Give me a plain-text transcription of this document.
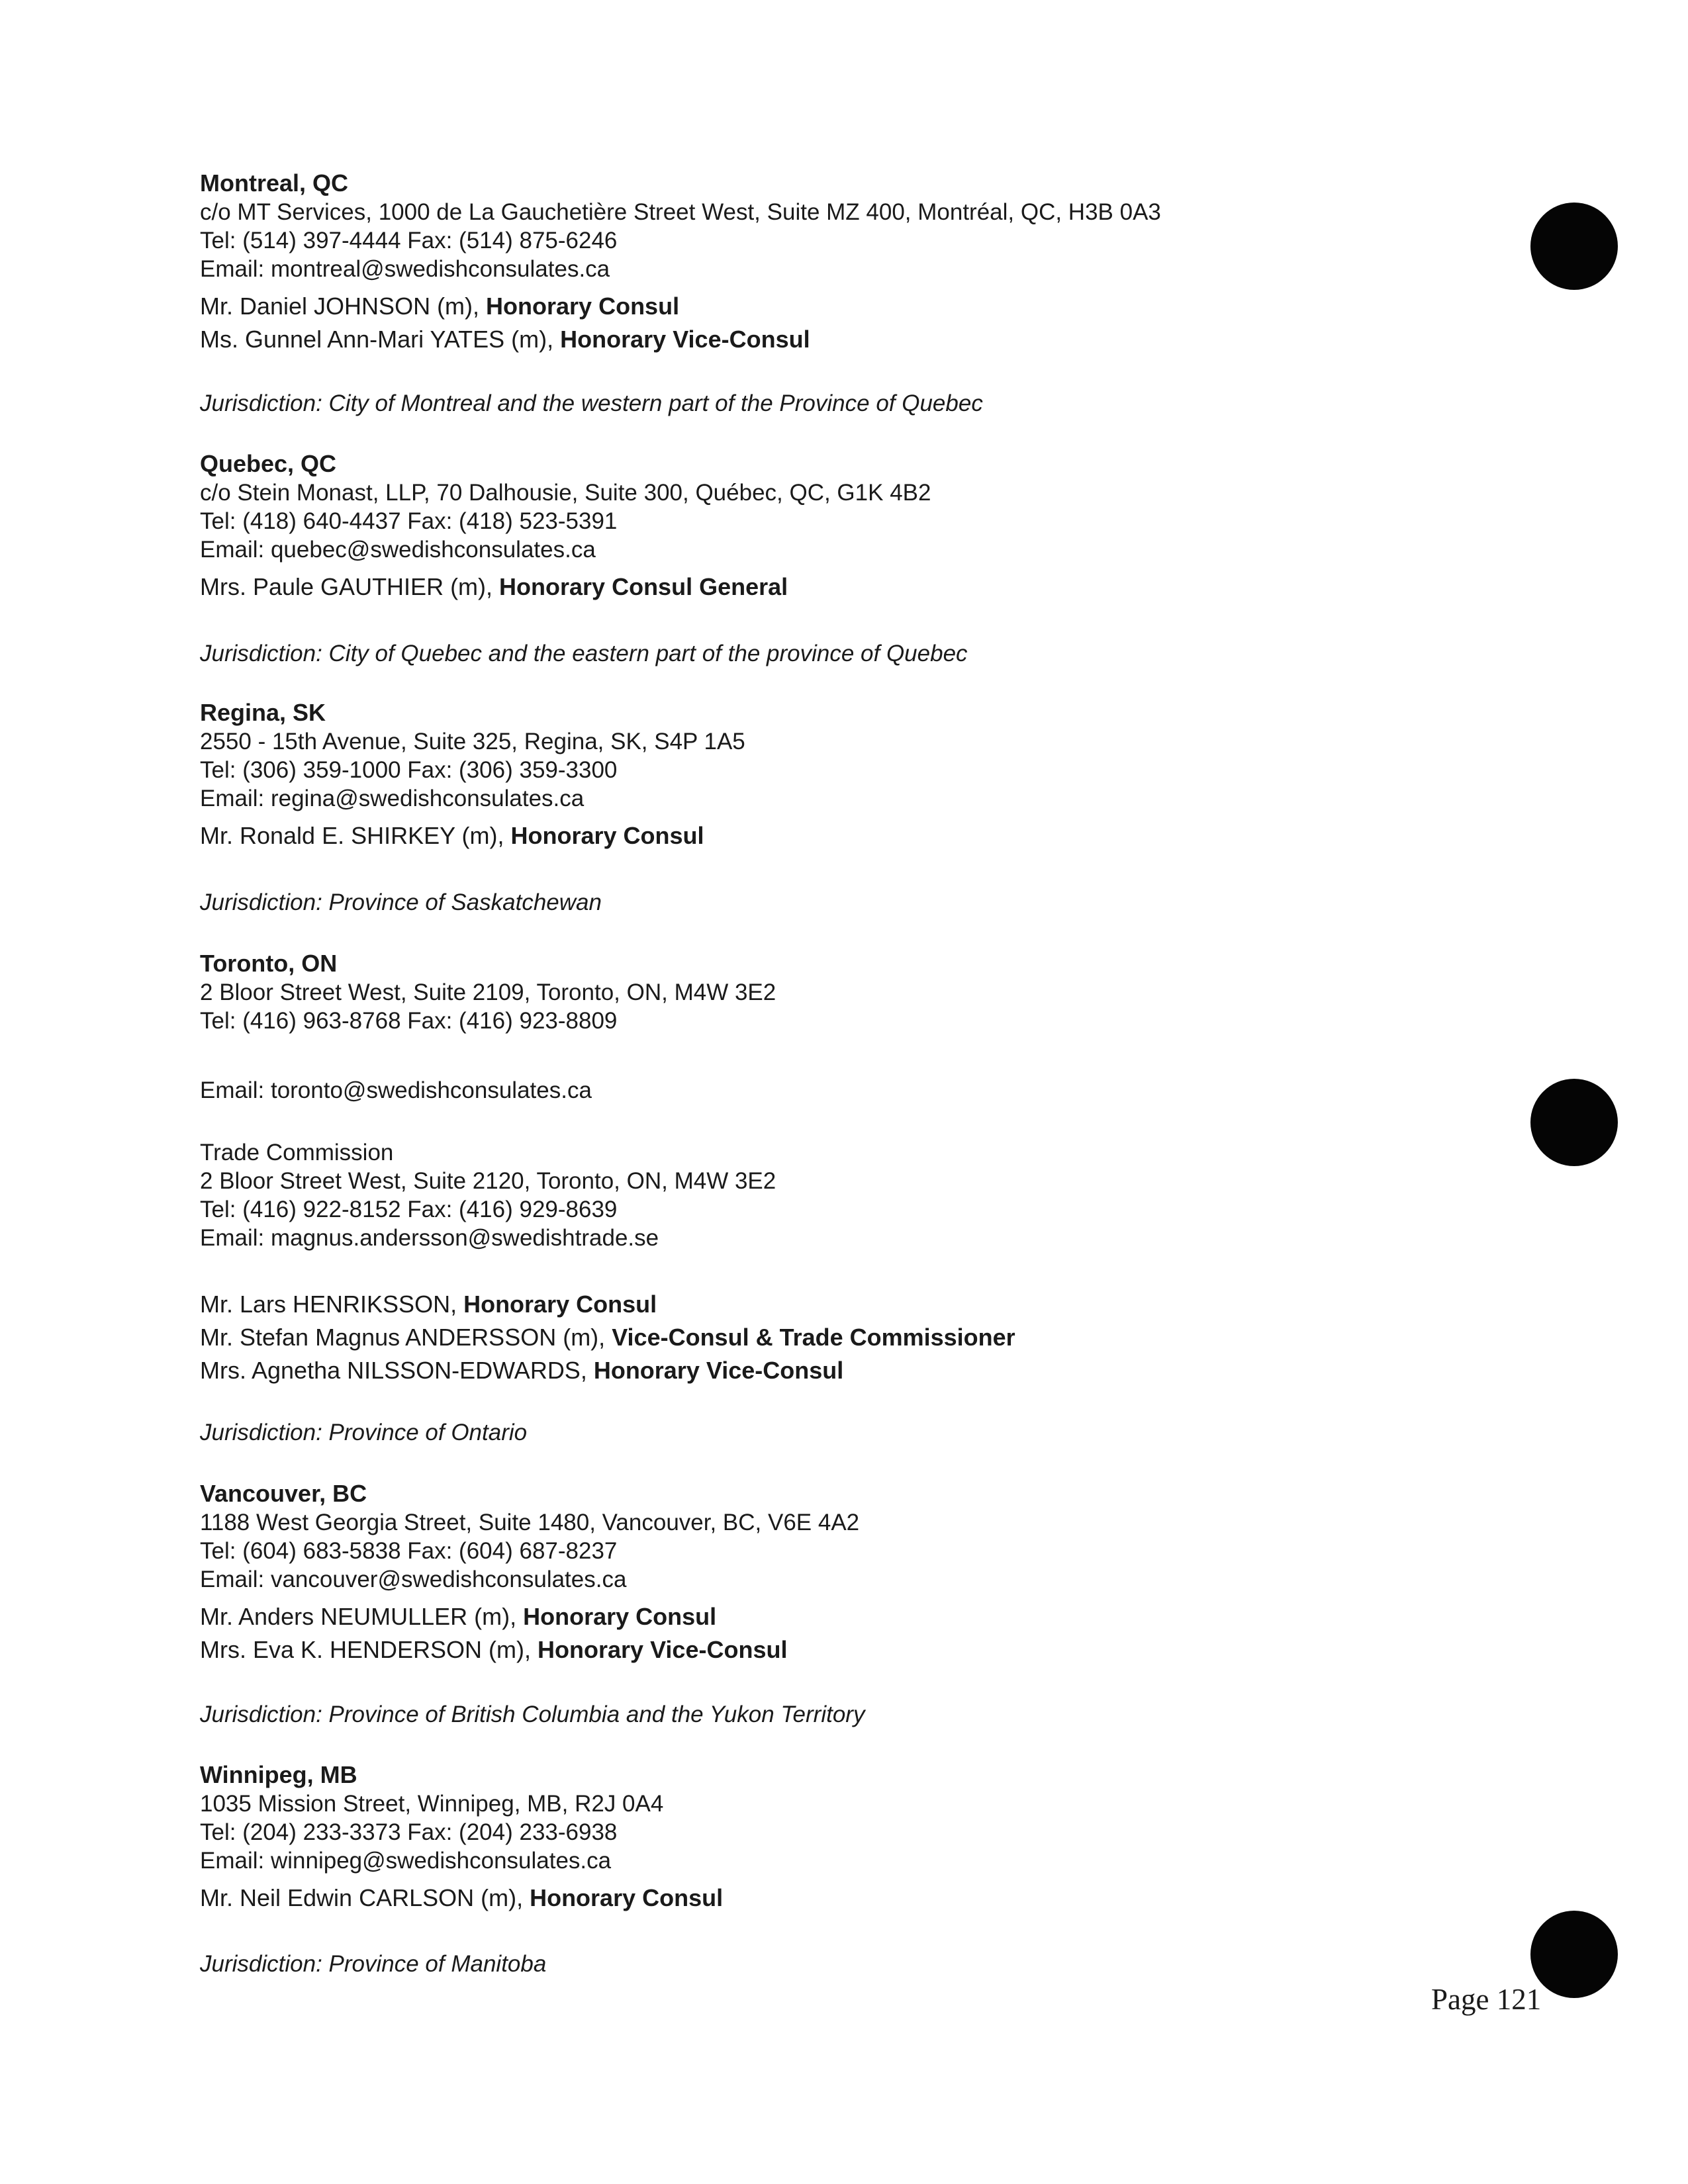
Montreal, QC
c/o MT Services, 1000 de La Gauchetière Street West, Suite MZ 400, Montréal, QC, H3B 0A3
Tel: (514) 397-4444 Fax: (514) 875-6246
Email: montreal@swedishconsulates.ca
Mr. Daniel JOHNSON (m), Honorary Consul
Ms. Gunnel Ann-Mari YATES (m), Honorary Vice-Consul
Jurisdiction: City of Montreal and the western part of the Province of Quebec
Quebec, QC
c/o Stein Monast, LLP, 70 Dalhousie, Suite 300, Québec, QC, G1K 4B2
Tel: (418) 640-4437 Fax: (418) 523-5391
Email: quebec@swedishconsulates.ca
Mrs. Paule GAUTHIER (m), Honorary Consul General
Jurisdiction: City of Quebec and the eastern part of the province of Quebec
Regina, SK
2550 - 15th Avenue, Suite 325, Regina, SK, S4P 1A5
Tel: (306) 359-1000 Fax: (306) 359-3300
Email: regina@swedishconsulates.ca
Mr. Ronald E. SHIRKEY (m), Honorary Consul
Jurisdiction: Province of Saskatchewan
Toronto, ON
2 Bloor Street West, Suite 2109, Toronto, ON, M4W 3E2
Tel: (416) 963-8768 Fax: (416) 923-8809
Email: toronto@swedishconsulates.ca
Trade Commission
2 Bloor Street West, Suite 2120, Toronto, ON, M4W 3E2
Tel: (416) 922-8152 Fax: (416) 929-8639
Email: magnus.andersson@swedishtrade.se
Mr. Lars HENRIKSSON, Honorary Consul
Mr. Stefan Magnus ANDERSSON (m), Vice-Consul & Trade Commissioner
Mrs. Agnetha NILSSON-EDWARDS, Honorary Vice-Consul
Jurisdiction: Province of Ontario
Vancouver, BC
1188 West Georgia Street, Suite 1480, Vancouver, BC, V6E 4A2
Tel: (604) 683-5838 Fax: (604) 687-8237
Email: vancouver@swedishconsulates.ca
Mr. Anders NEUMULLER (m), Honorary Consul
Mrs. Eva K. HENDERSON (m), Honorary Vice-Consul
Jurisdiction: Province of British Columbia and the Yukon Territory
Winnipeg, MB
1035 Mission Street, Winnipeg, MB, R2J 0A4
Tel: (204) 233-3373 Fax: (204) 233-6938
Email: winnipeg@swedishconsulates.ca
Mr. Neil Edwin CARLSON (m), Honorary Consul
Jurisdiction: Province of Manitoba
Page 121
